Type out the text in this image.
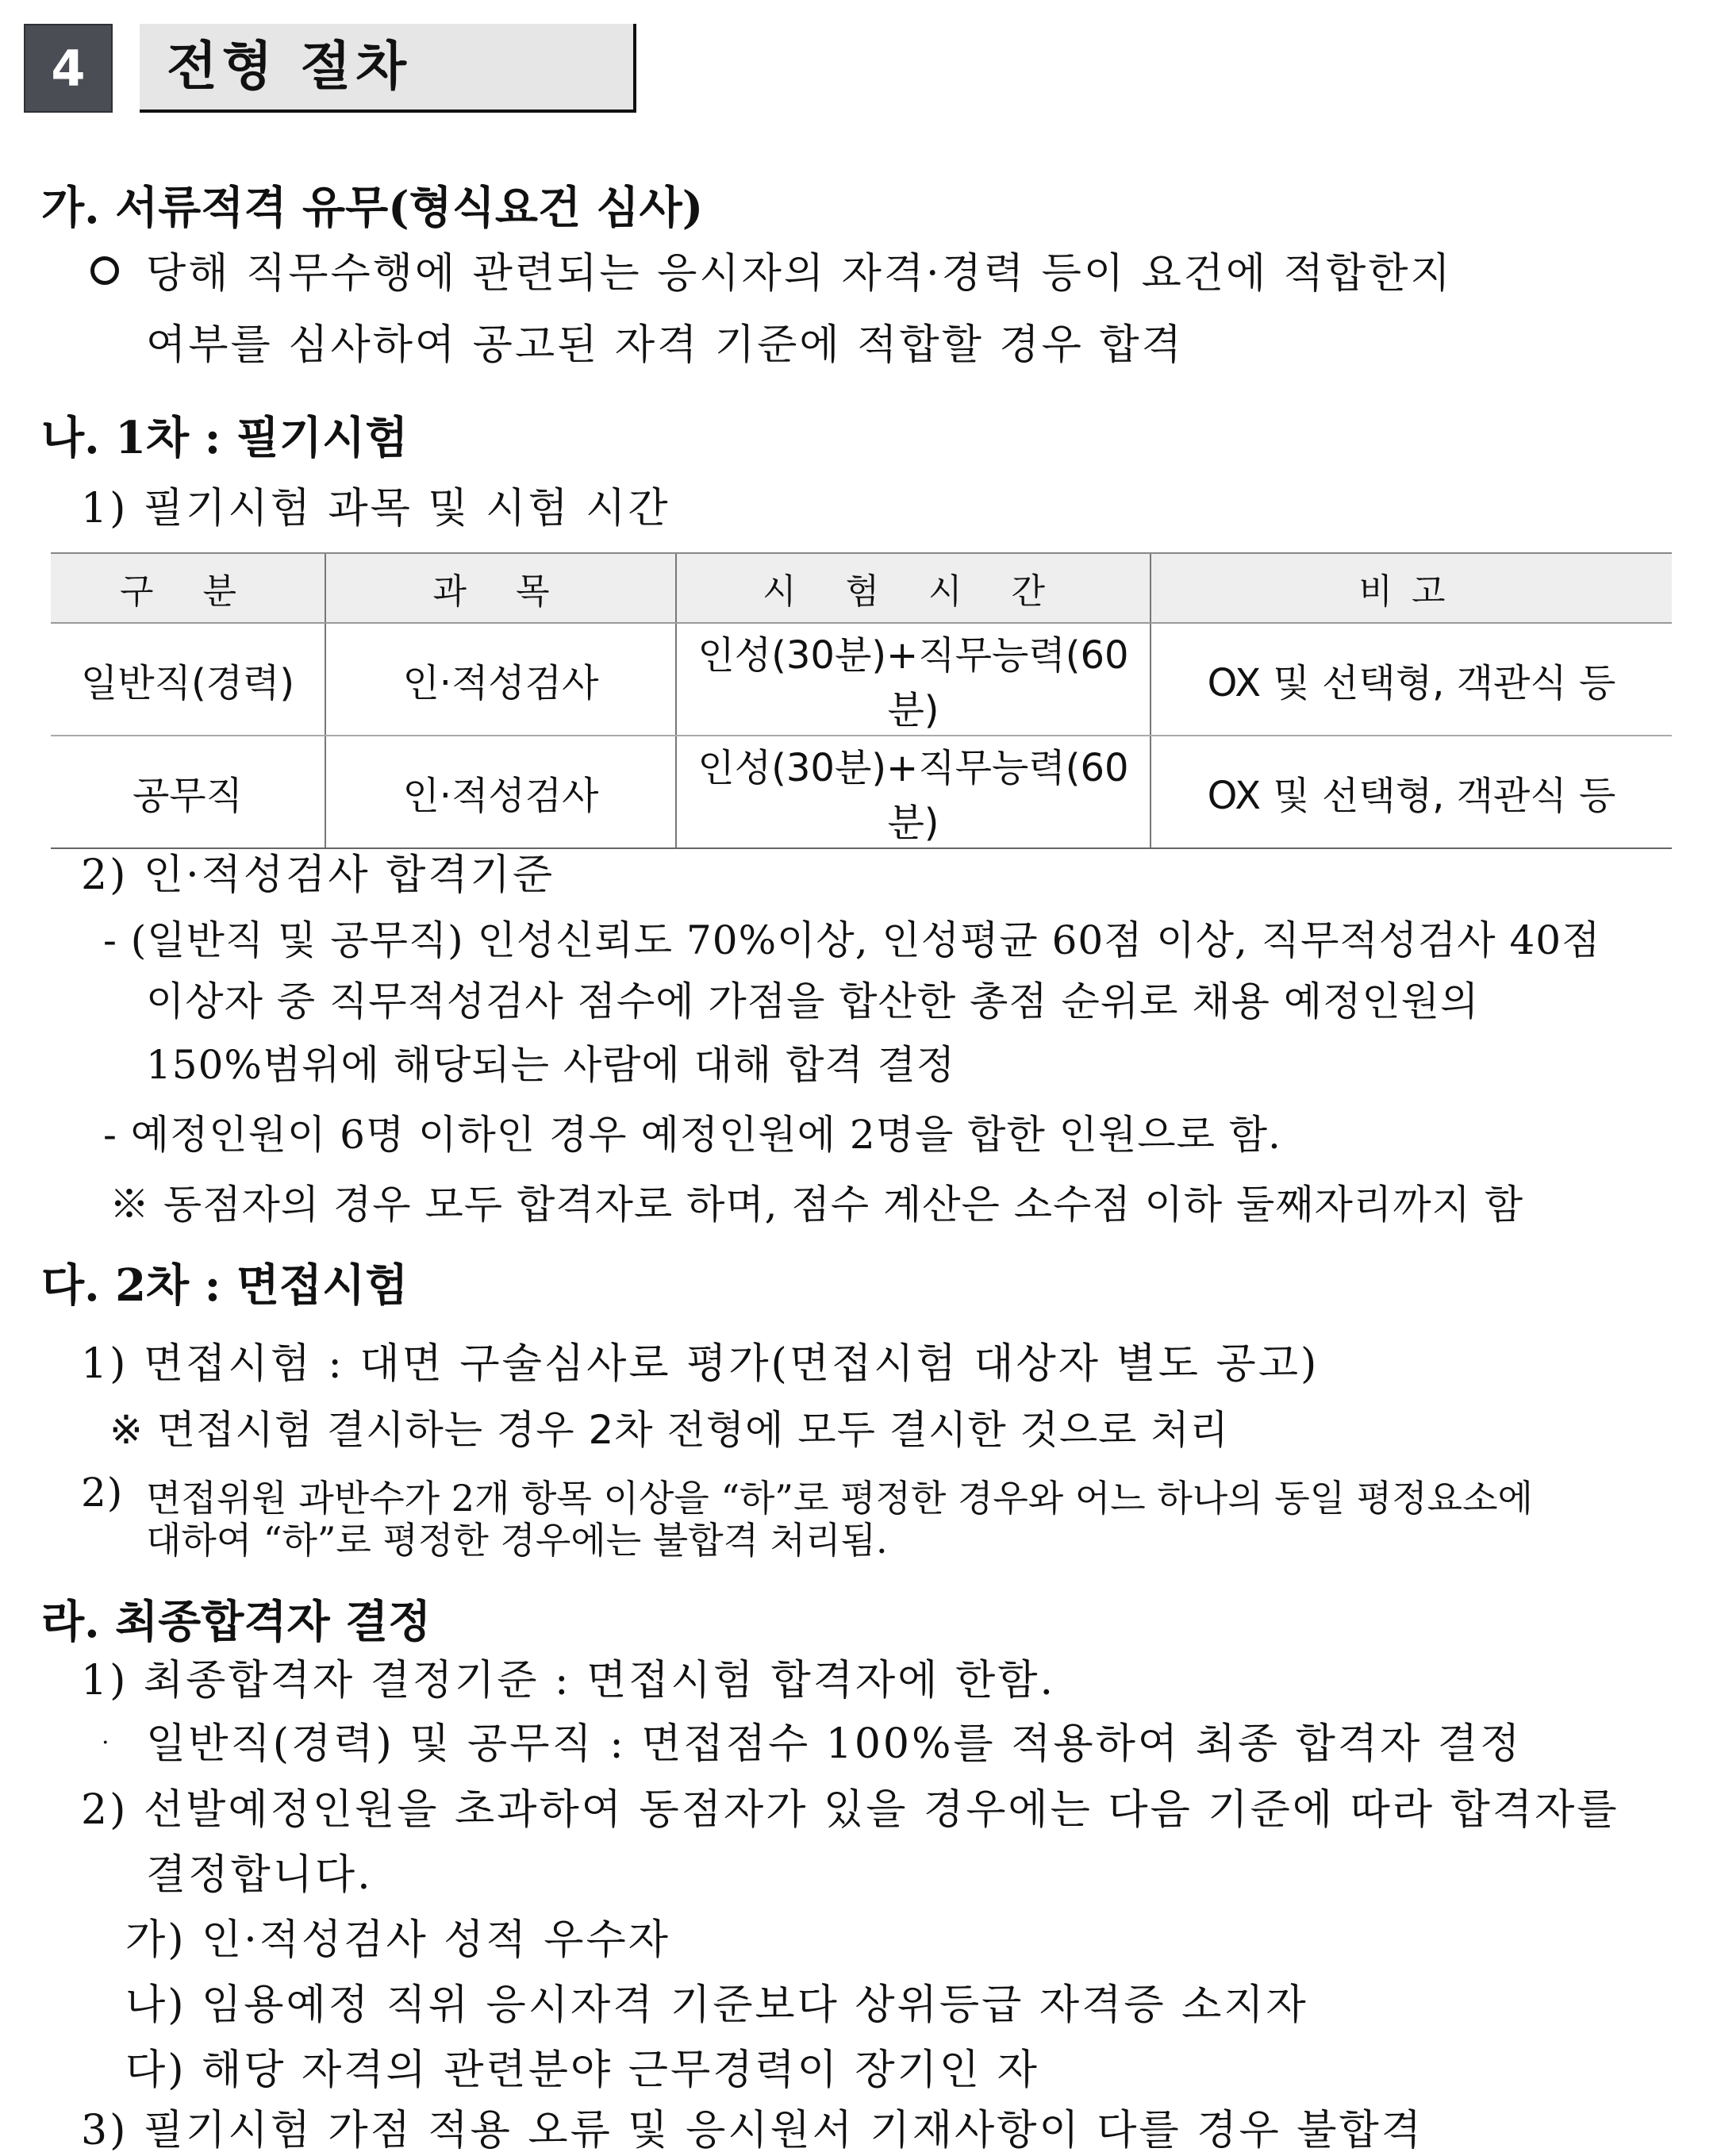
4	전형 절차
가. 서류적격 유무(형식요건 심사)
당해 직무수행에 관련되는 응시자의 자격·경력 등이 요건에 적합한지
여부를 심사하여 공고된 자격 기준에 적합할 경우 합격
나. 1차 : 필기시험
1) 필기시험 과목 및 시험 시간
구 분	과 목	시 험 시 간	비고
일반직(경력)	인·적성검사	인성(30분)+직무능력(60분)	OX 및 선택형, 객관식 등
공무직	인·적성검사	인성(30분)+직무능력(60분)	OX 및 선택형, 객관식 등
2) 인·적성검사 합격기준
- (일반직 및 공무직) 인성신뢰도 70%이상, 인성평균 60점 이상, 직무적성검사 40점
이상자 중 직무적성검사 점수에 가점을 합산한 총점 순위로 채용 예정인원의
150%범위에 해당되는 사람에 대해 합격 결정
- 예정인원이 6명 이하인 경우 예정인원에 2명을 합한 인원으로 함.
※ 동점자의 경우 모두 합격자로 하며, 점수 계산은 소수점 이하 둘째자리까지 함
다. 2차 : 면접시험
1) 면접시험 : 대면 구술심사로 평가(면접시험 대상자 별도 공고)
※ 면접시험 결시하는 경우 2차 전형에 모두 결시한 것으로 처리
2) 면접위원 과반수가 2개 항목 이상을 “하”로 평정한 경우와 어느 하나의 동일 평정요소에
대하여 “하”로 평정한 경우에는 불합격 처리됨.
라. 최종합격자 결정
1) 최종합격자 결정기준 : 면접시험 합격자에 한함.
. 일반직(경력) 및 공무직 : 면접점수 100%를 적용하여 최종 합격자 결정
2) 선발예정인원을 초과하여 동점자가 있을 경우에는 다음 기준에 따라 합격자를
결정합니다.
가) 인·적성검사 성적 우수자
나) 임용예정 직위 응시자격 기준보다 상위등급 자격증 소지자
다) 해당 자격의 관련분야 근무경력이 장기인 자
3) 필기시험 가점 적용 오류 및 응시원서 기재사항이 다를 경우 불합격
